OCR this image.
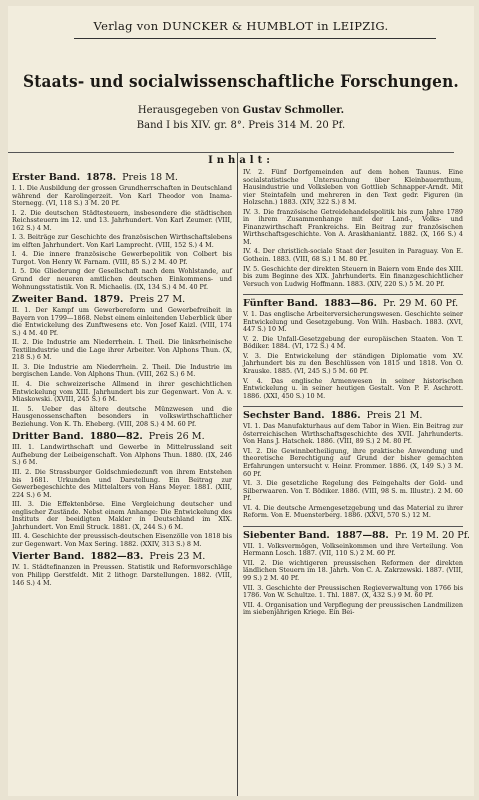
Verlag von DUNCKER & HUMBLOT in LEIPZIG.
Staats- und socialwissenschaftliche Forschungen.
Herausgegeben von Gustav Schmoller.
Band I bis XIV. gr. 8°. Preis 314 M. 20 Pf.
Inhalt:
Erster Band. 1878. Preis 18 M.
I. 1. Die Ausbildung der grossen Grundherrschaften in Deutschland während der Karolingerzeit. Von Karl Theodor von Inama-Sternegg. (VI, 118 S.) 3 M. 20 Pf.
I. 2. Die deutschen Städtesteuern, insbesondere die städtischen Reichssteuern im 12. und 13. Jahrhundert. Von Karl Zeumer. (VIII, 162 S.) 4 M.
I. 3. Beiträge zur Geschichte des französischen Wirthschaftslebens im elften Jahrhundert. Von Karl Lamprecht. (VIII, 152 S.) 4 M.
I. 4. Die innere französische Gewerbepolitik von Colbert bis Turgot. Von Henry W. Farnam. (VIII, 85 S.) 2 M. 40 Pf.
I. 5. Die Gliederung der Gesellschaft nach dem Wohlstande, auf Grund der neueren amtlichen deutschen Einkommens- und Wohnungsstatistik. Von R. Michaelis. (IX, 134 S.) 4 M. 40 Pf.
Zweiter Band. 1879. Preis 27 M.
II. 1. Der Kampf um Gewerbereform und Gewerbefreiheit in Bayern von 1799—1868. Nebst einem einleitenden Ueberblick über die Entwickelung des Zunftwesens etc. Von Josef Kaizl. (VIII, 174 S.) 4 M. 40 Pf.
II. 2. Die Industrie am Niederrhein. I. Theil. Die linksrheinische Textilindustrie und die Lage ihrer Arbeiter. Von Alphons Thun. (X, 218 S.) 6 M.
II. 3. Die Industrie am Niederrhein. 2. Theil. Die Industrie im bergischen Lande. Von Alphons Thun. (VIII, 262 S.) 6 M.
II. 4. Die schweizerische Allmend in ihrer geschichtlichen Entwickelung vom XIII. Jahrhundert bis zur Gegenwart. Von A. v. Miaskowski. (XVIII, 245 S.) 6 M.
II. 5. Ueber das ältere deutsche Münzwesen und die Hausgenossenschaften besonders in volkswirthschaftlicher Beziehung. Von K. Th. Eheberg. (VIII, 208 S.) 4 M. 60 Pf.
Dritter Band. 1880—82. Preis 26 M.
III. 1. Landwirthschaft und Gewerbe in Mittelrussland seit Aufhebung der Leibeigenschaft. Von Alphons Thun. 1880. (IX, 246 S.) 6 M.
III. 2. Die Strassburger Goldschmiedezunft von ihrem Entstehen bis 1681. Urkunden und Darstellung. Ein Beitrag zur Gewerbegeschichte des Mittelalters von Hans Meyer. 1881. (XIII, 224 S.) 6 M.
III. 3. Die Effektenbörse. Eine Vergleichung deutscher und englischer Zustände. Nebst einem Anhange: Die Entwickelung des Instituts der beeidigten Makler in Deutschland im XIX. Jahrhundert. Von Emil Struck. 1881. (X, 244 S.) 6 M.
III. 4. Geschichte der preussisch-deutschen Eisenzölle von 1818 bis zur Gegenwart. Von Max Sering. 1882. (XXIV, 313 S.) 8 M.
Vierter Band. 1882—83. Preis 23 M.
IV. 1. Städtefinanzen in Preussen. Statistik und Reformvorschläge von Philipp Gerstfeldt. Mit 2 lithogr. Darstellungen. 1882. (VIII, 146 S.) 4 M.
IV. 2. Fünf Dorfgemeinden auf dem hohen Taunus. Eine socialstatistische Untersuchung über Kleinbauernthum, Hausindustrie und Volksleben von Gottlieb Schnapper-Arndt. Mit vier Steintafeln und mehreren in den Text gedr. Figuren (in Holzschn.) 1883. (XIV, 322 S.) 8 M.
IV. 3. Die französische Getreidehandelspolitik bis zum Jahre 1789 in ihrem Zusammenhange mit der Land-, Volks- und Finanzwirthschaft Frankreichs. Ein Beitrag zur französischen Wirthschaftsgeschichte. Von A. Araskhaniantz. 1882. (X, 166 S.) 4 M.
IV. 4. Der christlich-sociale Staat der Jesuiten in Paraguay. Von E. Gothein. 1883. (VIII, 68 S.) 1 M. 80 Pf.
IV. 5. Geschichte der direkten Steuern in Baiern vom Ende des XIII. bis zum Beginne des XIX. Jahrhunderts. Ein finanzgeschichtlicher Versuch von Ludwig Hoffmann. 1883. (XIV, 220 S.) 5 M. 20 Pf.
Fünfter Band. 1883—86. Pr. 29 M. 60 Pf.
V. 1. Das englische Arbeiterversicherungswesen. Geschichte seiner Entwickelung und Gesetzgebung. Von Wilh. Hasbach. 1883. (XVI, 447 S.) 10 M.
V. 2. Die Unfall-Gesetzgebung der europäischen Staaten. Von T. Bödiker. 1884. (VI, 172 S.) 4 M.
V. 3. Die Entwickelung der ständigen Diplomatie vom XV. Jahrhundert bis zu den Beschlüssen von 1815 und 1818. Von O. Krauske. 1885. (VI, 245 S.) 5 M. 60 Pf.
V. 4. Das englische Armenwesen in seiner historischen Entwickelung u. in seiner heutigen Gestalt. Von P. F. Aschrott. 1886. (XXI, 450 S.) 10 M.
Sechster Band. 1886. Preis 21 M.
VI. 1. Das Manufakturhaus auf dem Tabor in Wien. Ein Beitrag zur österreichischen Wirthschaftsgeschichte des XVII. Jahrhunderts. Von Hans J. Hatschek. 1886. (VIII, 89 S.) 2 M. 80 Pf.
VI. 2. Die Gewinnbetheiligung, ihre praktische Anwendung und theoretische Berechtigung auf Grund der bisher gemachten Erfahrungen untersucht v. Heinr. Frommer. 1886. (X, 149 S.) 3 M. 60 Pf.
VI. 3. Die gesetzliche Regelung des Feingehalts der Gold- und Silberwaaren. Von T. Bödiker. 1886. (VIII, 98 S. m. Illustr.). 2 M. 60 Pf.
VI. 4. Die deutsche Armengesetzgebung und das Material zu ihrer Reform. Von E. Muensterberg. 1886. (XXVI, 570 S.) 12 M.
Siebenter Band. 1887—88. Pr. 19 M. 20 Pf.
VII. 1. Volksvermögen, Volkseinkommen und ihre Verteilung. Von Hermann Losch. 1887. (VII, 110 S.) 2 M. 60 Pf.
VII. 2. Die wichtigeren preussischen Reformen der direkten ländlichen Steuern im 18. Jahrh. Von C. A. Zakrzewski. 1887. (VIII, 99 S.) 2 M. 40 Pf.
VII. 3. Geschichte der Preussischen Regieverwaltung von 1766 bis 1786. Von W. Schultze. 1. Thl. 1887. (X, 432 S.) 9 M. 60 Pf.
VII. 4. Organisation und Verpflegung der preussischen Landmilizen im siebenjährigen Kriege. Ein Bei-
